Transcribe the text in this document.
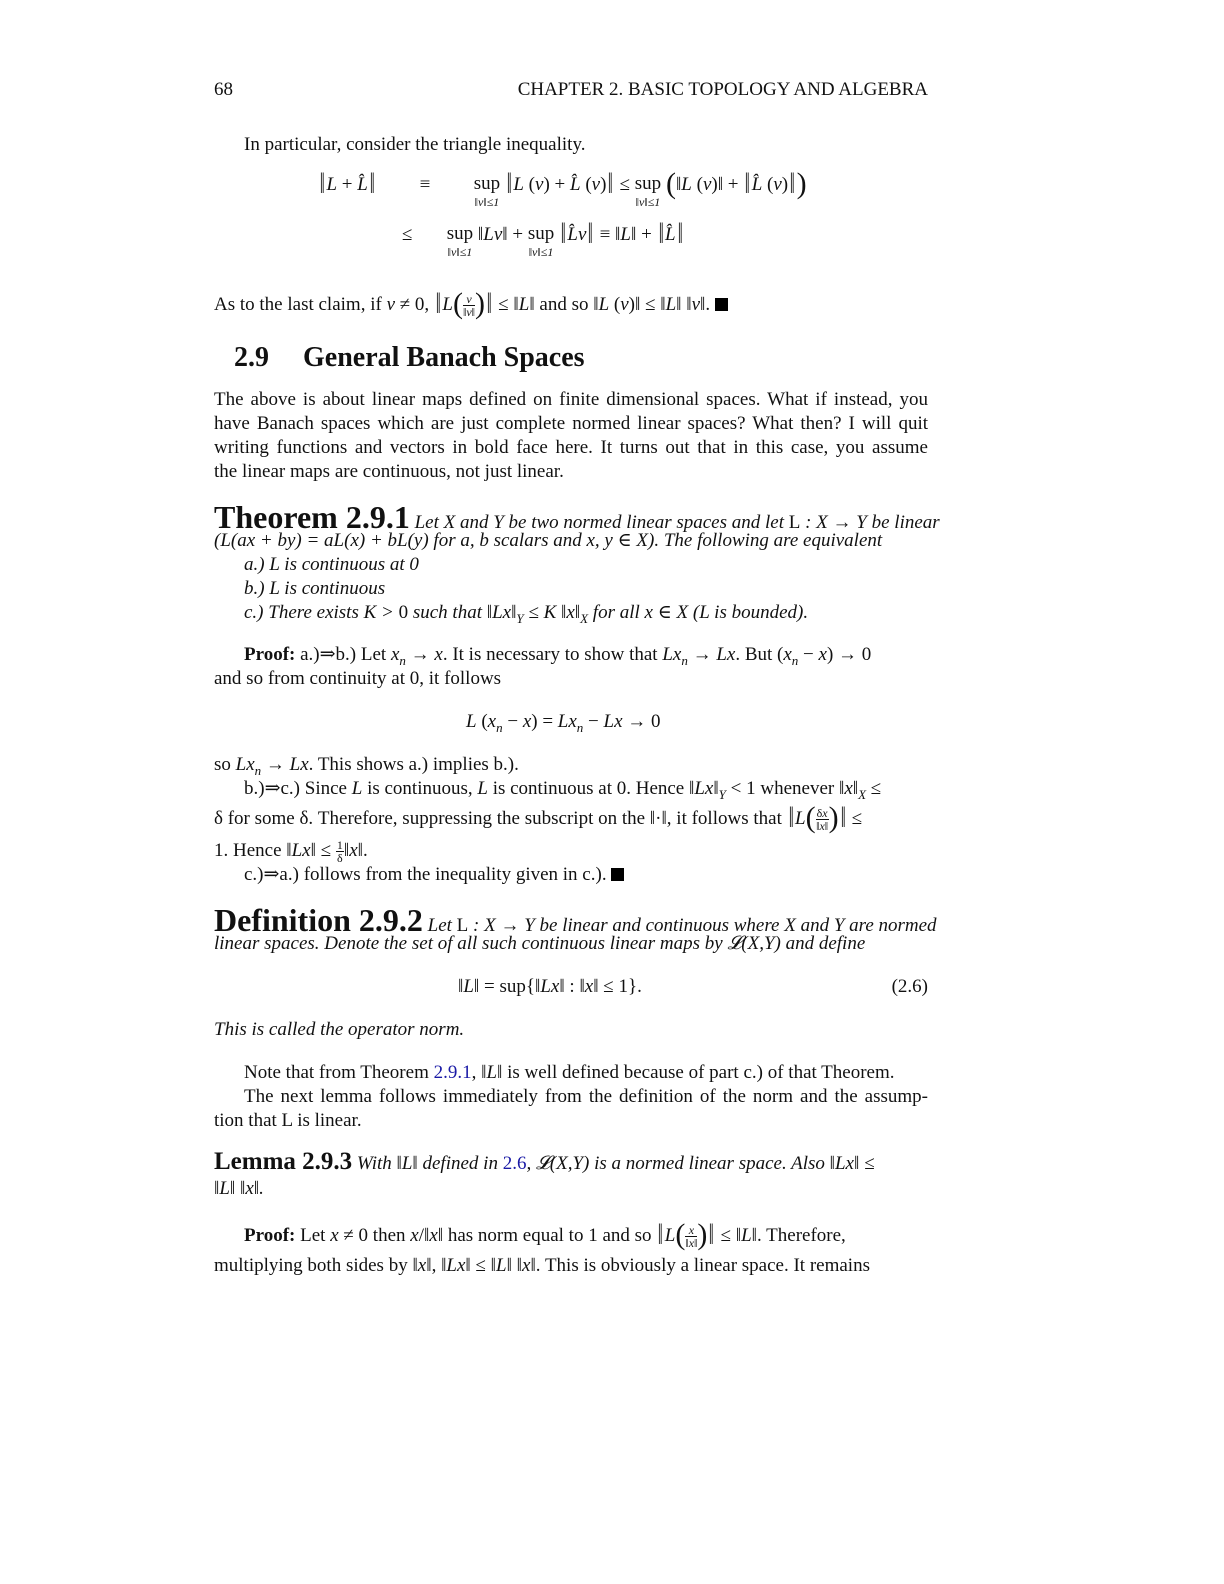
68	CHAPTER 2. BASIC TOPOLOGY AND ALGEBRA
In particular, consider the triangle inequality.
‖L + L̂‖ ≡ sup
‖v‖≤1
‖L (v) + L̂ (v)‖ ≤ sup
‖v‖≤1
(‖L (v)‖ + ‖L̂ (v)‖)
≤ sup
‖v‖≤1
‖Lv‖ + sup
‖v‖≤1
‖L̂v‖ ≡ ‖L‖ + ‖L̂‖
As to the last claim, if v ≠ 0, ‖L( $\frac{v}{‖v‖}$ )‖ ≤ ‖L‖ and so ‖L (v)‖ ≤ ‖L‖ ‖v‖.
2.9 General Banach Spaces
The above is about linear maps defined on finite dimensional spaces. What if instead, you
have Banach spaces which are just complete normed linear spaces? What then? I will quit
writing functions and vectors in bold face here. It turns out that in this case, you assume
the linear maps are continuous, not just linear.
Theorem 2.9.1 Let X and Y be two normed linear spaces and let L : X → Y be linear
(L(ax + by) = aL(x) + bL(y) for a, b scalars and x, y ∈ X). The following are equivalent
a.) L is continuous at 0
b.) L is continuous
c.) There exists K > 0 such that $‖Lx‖_Y \le K$ $‖x‖_X$ for all x ∈ X (L is bounded).
Proof: a.)⇒b.) Let $x_n \to x$. It is necessary to show that $Lx_n \to Lx$. But $(x_n - x) \to 0$
and so from continuity at 0, it follows
L $(x_n - x) = Lx_n - Lx \to 0$
so $Lx_n \to Lx$. This shows a.) implies b.).
b.)⇒c.) Since L is continuous, L is continuous at 0. Hence $‖Lx‖_Y < 1$ whenever $‖x‖_X$ ≤
δ for some δ. Therefore, suppressing the subscript on the ‖·‖, it follows that ‖L( $\frac{\delta x}{‖x‖}$ )‖ ≤
1. Hence ‖Lx‖ ≤ $\frac{1}{\delta}$ ‖x‖.
c.)⇒a.) follows from the inequality given in c.).
Definition 2.9.2 Let L : X → Y be linear and continuous where X and Y are normed
linear spaces. Denote the set of all such continuous linear maps by 𝓛(X,Y) and define
‖L‖ = sup{‖Lx‖ : ‖x‖ ≤ 1}.	(2.6)
This is called the operator norm.
Note that from Theorem 2.9.1, ‖L‖ is well defined because of part c.) of that Theorem.
The next lemma follows immediately from the definition of the norm and the assump-
tion that L is linear.
Lemma 2.9.3 With ‖L‖ defined in 2.6, 𝓛(X,Y) is a normed linear space. Also ‖Lx‖ ≤
‖L‖ ‖x‖.
Proof: Let x ≠ 0 then x/‖x‖ has norm equal to 1 and so ‖L( $\frac{x}{‖x‖}$ )‖ ≤ ‖L‖. Therefore,
multiplying both sides by ‖x‖, ‖Lx‖ ≤ ‖L‖ ‖x‖. This is obviously a linear space. It remains
